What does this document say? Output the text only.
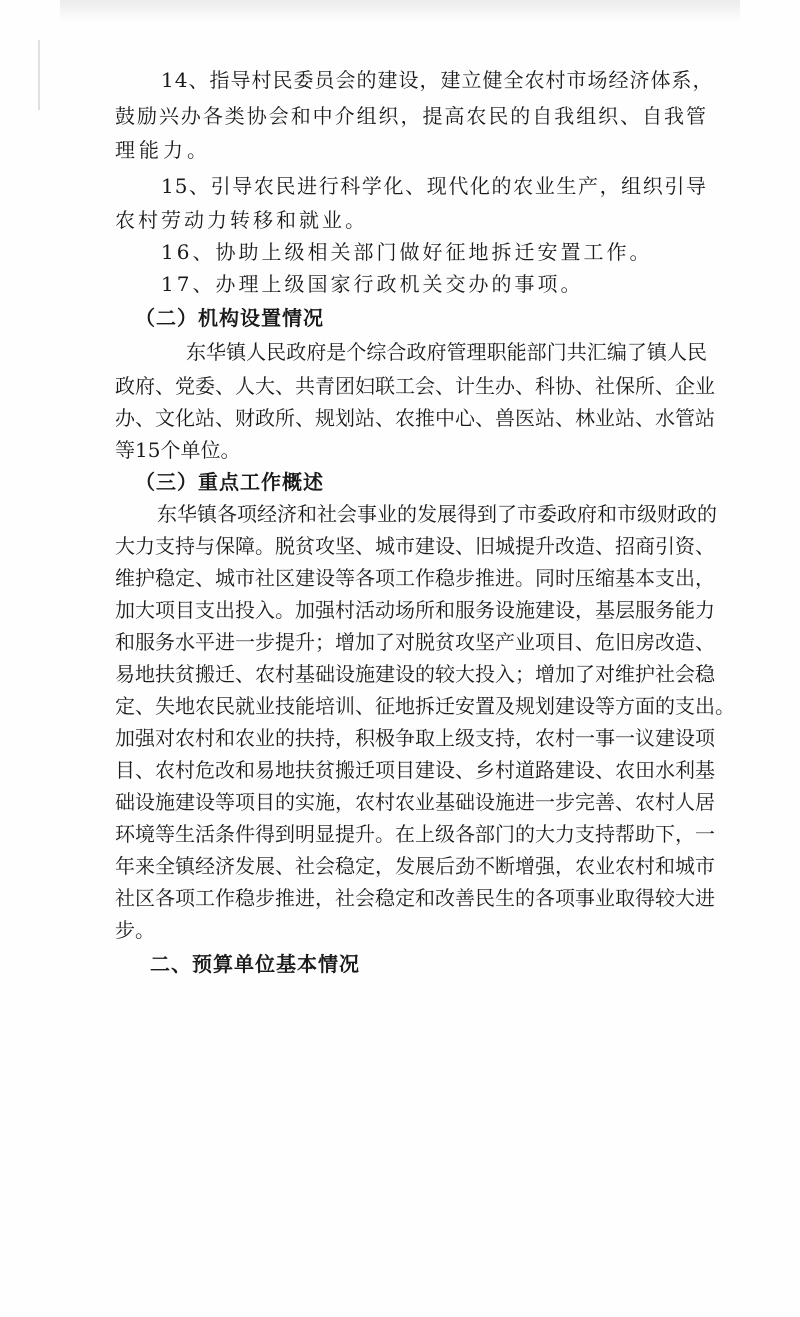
14、指导村民委员会的建设，建立健全农村市场经济体系，
鼓励兴办各类协会和中介组织，提高农民的自我组织、自我管
理能力。
15、引导农民进行科学化、现代化的农业生产，组织引导
农村劳动力转移和就业。
16、协助上级相关部门做好征地拆迁安置工作。
17、办理上级国家行政机关交办的事项。
（二）机构设置情况
东华镇人民政府是个综合政府管理职能部门共汇编了镇人民
政府、党委、人大、共青团妇联工会、计生办、科协、社保所、企业
办、文化站、财政所、规划站、农推中心、兽医站、林业站、水管站
等15个单位。
（三）重点工作概述
东华镇各项经济和社会事业的发展得到了市委政府和市级财政的
大力支持与保障。脱贫攻坚、城市建设、旧城提升改造、招商引资、
维护稳定、城市社区建设等各项工作稳步推进。同时压缩基本支出，
加大项目支出投入。加强村活动场所和服务设施建设，基层服务能力
和服务水平进一步提升；增加了对脱贫攻坚产业项目、危旧房改造、
易地扶贫搬迁、农村基础设施建设的较大投入；增加了对维护社会稳
定、失地农民就业技能培训、征地拆迁安置及规划建设等方面的支出。
加强对农村和农业的扶持，积极争取上级支持，农村一事一议建设项
目、农村危改和易地扶贫搬迁项目建设、乡村道路建设、农田水利基
础设施建设等项目的实施，农村农业基础设施进一步完善、农村人居
环境等生活条件得到明显提升。在上级各部门的大力支持帮助下，一
年来全镇经济发展、社会稳定，发展后劲不断增强，农业农村和城市
社区各项工作稳步推进，社会稳定和改善民生的各项事业取得较大进
步。
二、预算单位基本情况
